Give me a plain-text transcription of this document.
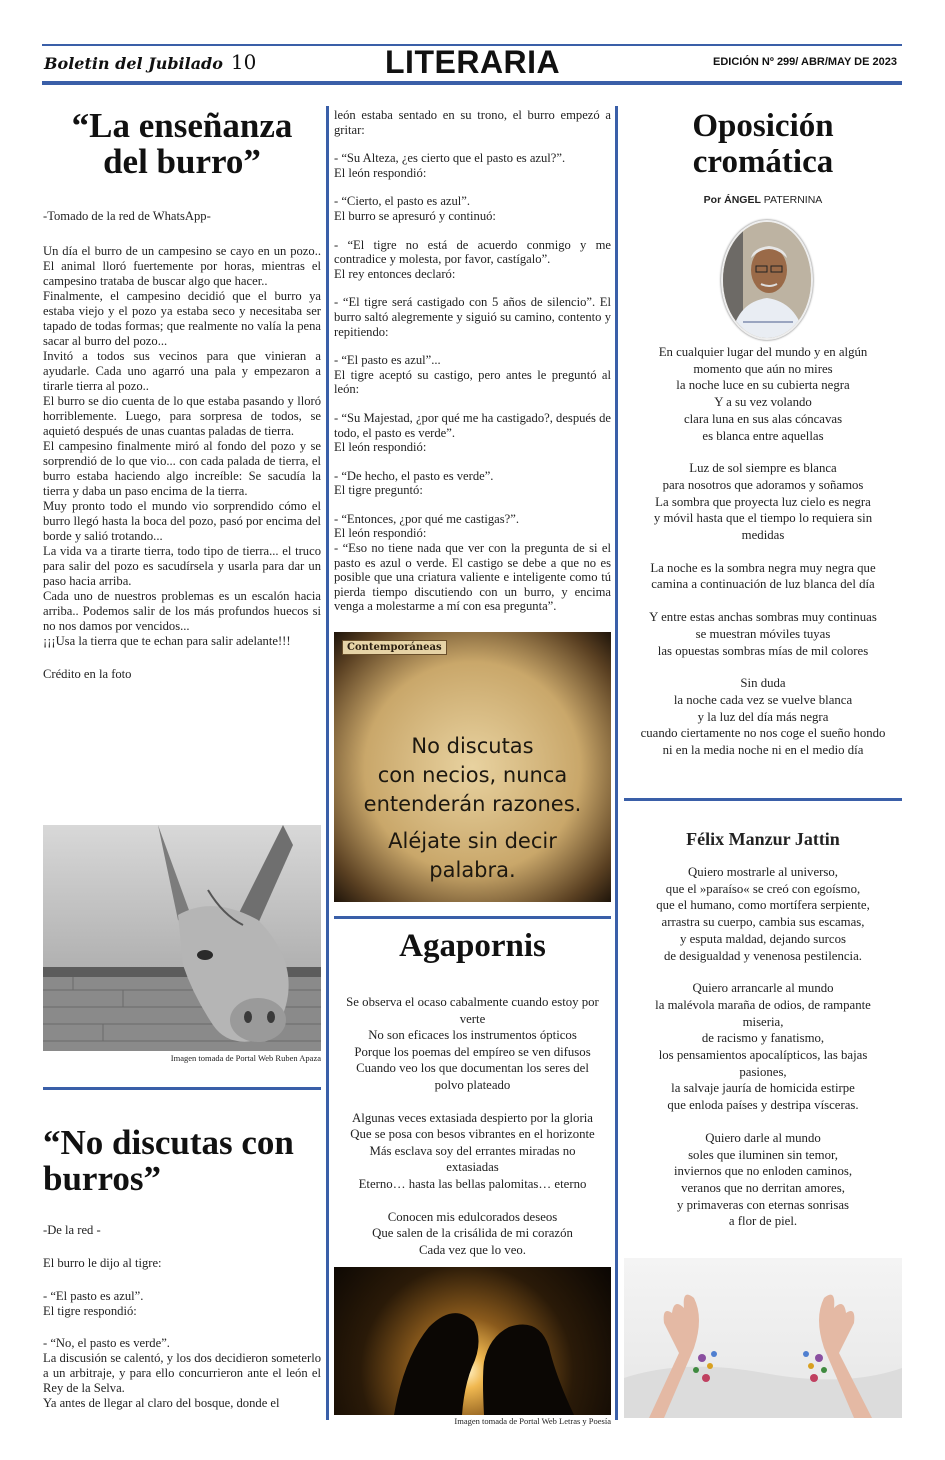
Boletin del Jubilado 10	LITERARIA	EDICIÓN Nº 299/ ABR/MAY DE 2023
“La enseñanza del burro”

-Tomado de la red de WhatsApp-

Un día el burro de un campesino se cayo en un pozo.. El animal lloró fuertemente por horas, mientras el campesino trataba de buscar algo que hacer..

Finalmente, el campesino decidió que el burro ya estaba viejo y el pozo ya estaba seco y necesitaba ser tapado de todas formas; que realmente no valía la pena sacar al burro del pozo...

Invitó a todos sus vecinos para que vinieran a ayudarle. Cada uno agarró una pala y empezaron a tirarle tierra al pozo..

El burro se dio cuenta de lo que estaba pasando y lloró horriblemente. Luego, para sorpresa de todos, se aquietó después de unas cuantas paladas de tierra.

El campesino finalmente miró al fondo del pozo y se sorprendió de lo que vio... con cada palada de tierra, el burro estaba haciendo algo increíble: Se sacudía la tierra y daba un paso encima de la tierra.

Muy pronto todo el mundo vio sorprendido cómo el burro llegó hasta la boca del pozo, pasó por encima del borde y salió trotando...

La vida va a tirarte tierra, todo tipo de tierra... el truco para salir del pozo es sacudírsela y usarla para dar un paso hacia arriba.

Cada uno de nuestros problemas es un escalón hacia arriba.. Podemos salir de los más profundos huecos si no nos damos por vencidos...

¡¡¡Usa la tierra que te echan para salir adelante!!!

Crédito en la foto

Imagen tomada de Portal Web Ruben Apaza
“No discutas con burros”

-De la red -

El burro le dijo al tigre:

- “El pasto es azul”.

El tigre respondió:

- “No, el pasto es verde”.

La discusión se calentó, y los dos decidieron someterlo a un arbitraje, y para ello concurrieron ante el león el Rey de la Selva.

Ya antes de llegar al claro del bosque, donde el

león estaba sentado en su trono, el burro empezó a gritar:

- “Su Alteza, ¿es cierto que el pasto es azul?”.

El león respondió:

- “Cierto, el pasto es azul”.

El burro se apresuró y continuó:

- “El tigre no está de acuerdo conmigo y me contradice y molesta, por favor, castígalo”.

El rey entonces declaró:

- “El tigre será castigado con 5 años de silencio”. El burro saltó alegremente y siguió su camino, contento y repitiendo:

- “El pasto es azul”...

El tigre aceptó su castigo, pero antes le preguntó al león:

- “Su Majestad, ¿por qué me ha castigado?, después de todo, el pasto es verde”.

El león respondió:

- “De hecho, el pasto es verde”.

El tigre preguntó:

- “Entonces, ¿por qué me castigas?”.

El león respondió:

- “Eso no tiene nada que ver con la pregunta de si el pasto es azul o verde. El castigo se debe a que no es posible que una criatura valiente e inteligente como tú pierda tiempo discutiendo con un burro, y encima venga a molestarme a mí con esa pregunta”.

Contemporáneas
No discutas
con necios, nunca
entenderán razones.
Aléjate sin decir
palabra.
Agapornis

Se observa el ocaso cabalmente cuando estoy por verte

No son eficaces los instrumentos ópticos

Porque los poemas del empíreo se ven difusos

Cuando veo los que documentan los seres del polvo plateado

Algunas veces extasiada despierto por la gloria

Que se posa con besos vibrantes en el horizonte

Más esclava soy del errantes miradas no extasiadas

Eterno… hasta las bellas palomitas… eterno

Conocen mis edulcorados deseos

Que salen de la crisálida de mi corazón

Cada vez que lo veo.

Imagen tomada de Portal Web Letras y Poesía
Oposición cromática
Por ÁNGEL PATERNINA

En cualquier lugar del mundo y en algún

momento que aún no mires

la noche luce en su cubierta negra

Y a su vez volando

clara luna en sus alas cóncavas

es blanca entre aquellas

Luz de sol siempre es blanca

para nosotros que adoramos y soñamos

La sombra que proyecta luz cielo es negra

y móvil hasta que el tiempo lo requiera sin medidas

La noche es la sombra negra muy negra que

camina a continuación de luz blanca del día

Y entre estas anchas sombras muy continuas

se muestran móviles tuyas

las opuestas sombras mías de mil colores

Sin duda

la noche cada vez se vuelve blanca

y la luz del día más negra

cuando ciertamente no nos coge el sueño hondo

ni en la media noche ni en el medio día

Félix Manzur Jattin

Quiero mostrarle al universo,

que el »paraíso« se creó con egoísmo,

que el humano, como mortífera serpiente,

arrastra su cuerpo, cambia sus escamas,

y esputa maldad, dejando surcos

de desigualdad y venenosa pestilencia.

Quiero arrancarle al mundo

la malévola maraña de odios, de rampante miseria,

de racismo y fanatismo,

los pensamientos apocalípticos, las bajas pasiones,

la salvaje jauría de homicida estirpe

que enloda países y destripa vísceras.

Quiero darle al mundo

soles que iluminen sin temor,

inviernos que no enloden caminos,

veranos que no derritan amores,

y primaveras con eternas sonrisas

a flor de piel.
